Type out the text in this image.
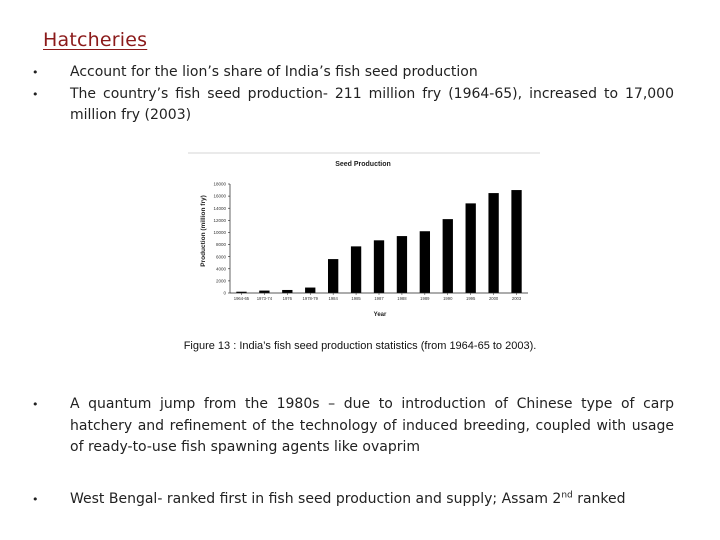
Hatcheries
•	Account for the lion’s share of India’s fish seed production
•	The country’s fish seed production- 211 million fry (1964-65), increased to 17,000 million fry (2003)
Seed Production
Production (million fry)
Year
0
2000
4000
6000
8000
10000
12000
14000
16000
18000
1964-65 1973-74	1976	1978-79	1984	1985	1987	1988	1989	1990	1995	2000	2003
Figure 13 : India’s fish seed production statistics (from 1964-65 to 2003).
•	A quantum jump from the 1980s – due to introduction of Chinese type of carp hatchery and refinement of the technology of induced breeding, coupled with usage of ready-to-use fish spawning agents like ovaprim
•	West Bengal- ranked first in fish seed production and supply; Assam 2nd ranked
